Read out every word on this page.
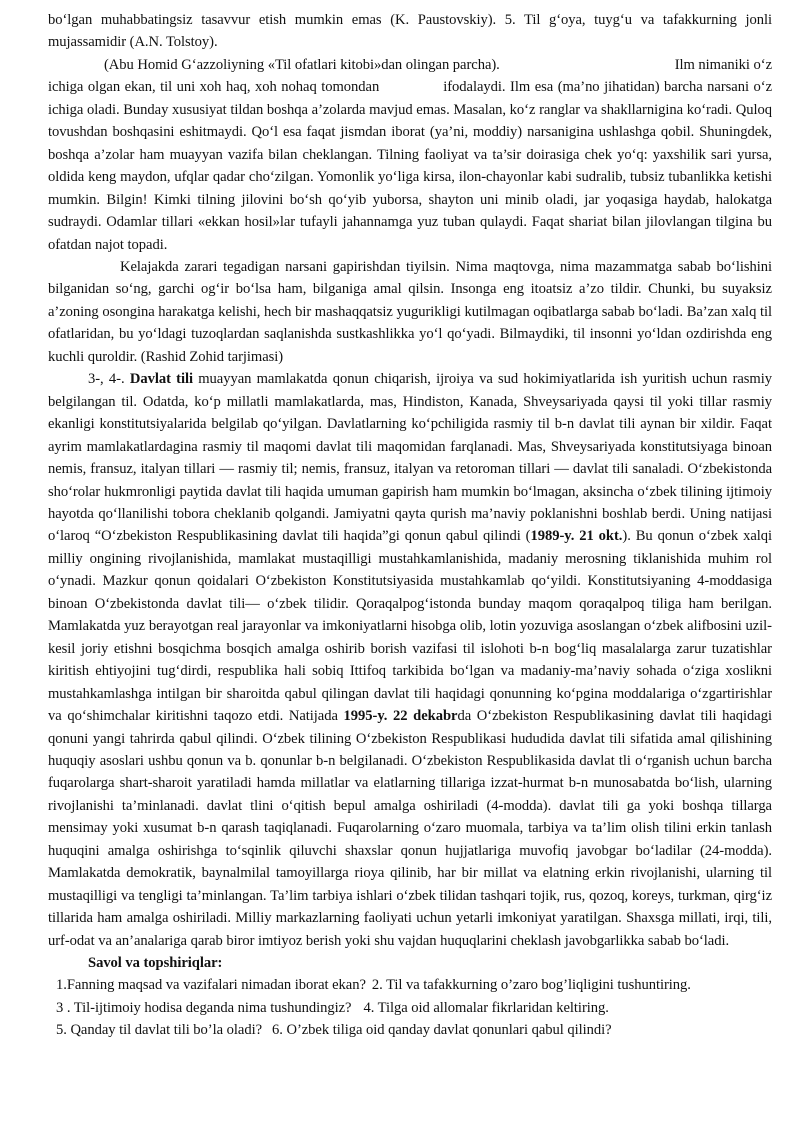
bo‘lgan muhabbatingsiz tasavvur etish mumkin emas (K. Paustovskiy). 5. Til g‘oya, tuyg‘u va tafakkurning jonli mujassamidir (A.N. Tolstoy).

(Abu Homid G‘azzoliyning «Til ofatlari kitobi»dan olingan parcha).	Ilm nimaniki o‘z

ichiga olgan ekan, til uni xoh haq, xoh nohaq tomondan	ifodalaydi. Ilm esa (ma’no jihatidan) barcha narsani o‘z ichiga oladi. Bunday xususiyat tildan boshqa a’zolarda mavjud emas. Masalan, ko‘z ranglar va shakllarnigina ko‘radi. Quloq tovushdan boshqasini eshitmaydi. Qo‘l esa faqat jismdan iborat (ya’ni, moddiy) narsanigina ushlashga qobil. Shuningdek, boshqa a’zolar ham muayyan vazifa bilan cheklangan. Tilning faoliyat va ta’sir doirasiga chek yo‘q: yaxshilik sari yursa, oldida keng maydon, ufqlar qadar cho‘zilgan. Yomonlik yo‘liga kirsa, ilon-chayonlar kabi sudralib, tubsiz tubanlikka ketishi mumkin. Bilgin! Kimki tilning jilovini bo‘sh qo‘yib yuborsa, shayton uni minib oladi, jar yoqasiga haydab, halokatga sudraydi. Odamlar tillari «ekkan hosil»lar tufayli jahannamga yuz tuban qulaydi. Faqat shariat bilan jilovlangan tilgina bu ofatdan najot topadi.

Kelajakda zarari tegadigan narsani gapirishdan tiyilsin. Nima maqtovga, nima mazammatga sabab bo‘lishini bilganidan so‘ng, garchi og‘ir bo‘lsa ham, bilganiga amal qilsin. Insonga eng itoatsiz a’zo tildir. Chunki, bu suyaksiz a’zoning osongina harakatga kelishi, hech bir mashaqqatsiz yugurikligi kutilmagan oqibatlarga sabab bo‘ladi. Ba’zan xalq til ofatlaridan, bu yo‘ldagi tuzoqlardan saqlanishda sustkashlikka yo‘l qo‘yadi. Bilmaydiki, til insonni yo‘ldan ozdirishda eng kuchli quroldir. (Rashid Zohid tarjimasi)

3-, 4-. Davlat tili muayyan mamlakatda qonun chiqarish, ijroiya va sud hokimiyatlarida ish yuritish uchun rasmiy belgilangan til. Odatda, ko‘p millatli mamlakatlarda, mas, Hindiston, Kanada, Shveysariyada qaysi til yoki tillar rasmiy ekanligi konstitutsiyalarida belgilab qo‘yilgan. Davlatlarning ko‘pchiligida rasmiy til b-n davlat tili aynan bir xildir. Faqat ayrim mamlakatlardagina rasmiy til maqomi davlat tili maqomidan farqlanadi. Mas, Shveysariyada konstitutsiyaga binoan nemis, fransuz, italyan tillari — rasmiy til; nemis, fransuz, italyan va retoroman tillari — davlat tili sanaladi. O‘zbekistonda sho‘rolar hukmronligi paytida davlat tili haqida umuman gapirish ham mumkin bo‘lmagan, aksincha o‘zbek tilining ijtimoiy hayotda qo‘llanilishi tobora cheklanib qolgandi. Jamiyatni qayta qurish ma’naviy poklanishni boshlab berdi. Uning natijasi o‘laroq “O‘zbekiston Respublikasining davlat tili haqida”gi qonun qabul qilindi (1989-y. 21 okt.). Bu qonun o‘zbek xalqi milliy ongining rivojlanishida, mamlakat mustaqilligi mustahkamlanishida, madaniy merosning tiklanishida muhim rol o‘ynadi. Mazkur qonun qoidalari O‘zbekiston Konstitutsiyasida mustahkamlab qo‘yildi. Konstitutsiyaning 4-moddasiga binoan O‘zbekistonda davlat tili— o‘zbek tilidir. Qoraqalpog‘istonda bunday maqom qoraqalpoq tiliga ham berilgan. Mamlakatda yuz berayotgan real jarayonlar va imkoniyatlarni hisobga olib, lotin yozuviga asoslangan o‘zbek alifbosini uzil-kesil joriy etishni bosqichma bosqich amalga oshirib borish vazifasi til islohoti b-n bog‘liq masalalarga zarur tuzatishlar kiritish ehtiyojini tug‘dirdi, respublika hali sobiq Ittifoq tarkibida bo‘lgan va madaniy-ma’naviy sohada o‘ziga xoslikni mustahkamlashga intilgan bir sharoitda qabul qilingan davlat tili haqidagi qonunning ko‘pgina moddalariga o‘zgartirishlar va qo‘shimchalar kiritishni taqozo etdi. Natijada 1995-y. 22 dekabrda O‘zbekiston Respublikasining davlat tili haqidagi qonuni yangi tahrirda qabul qilindi. O‘zbek tilining O‘zbekiston Respublikasi hududida davlat tili sifatida amal qilishining huquqiy asoslari ushbu qonun va b. qonunlar b-n belgilanadi. O‘zbekiston Respublikasida davlat tli o‘rganish uchun barcha fuqarolarga shart-sharoit yaratiladi hamda millatlar va elatlarning tillariga izzat-hurmat b-n munosabatda bo‘lish, ularning rivojlanishi ta’minlanadi. davlat tlini o‘qitish bepul amalga oshiriladi (4-modda). davlat tili ga yoki boshqa tillarga mensimay yoki xusumat b-n qarash taqiqlanadi. Fuqarolarning o‘zaro muomala, tarbiya va ta’lim olish tilini erkin tanlash huquqini amalga oshirishga to‘sqinlik qiluvchi shaxslar qonun hujjatlariga muvofiq javobgar bo‘ladilar (24-modda). Mamlakatda demokratik, baynalmilal tamoyillarga rioya qilinib, har bir millat va elatning erkin rivojlanishi, ularning til mustaqilligi va tengligi ta’minlangan. Ta’lim tarbiya ishlari o‘zbek tilidan tashqari tojik, rus, qozoq, koreys, turkman, qirg‘iz tillarida ham amalga oshiriladi. Milliy markazlarning faoliyati uchun yetarli imkoniyat yaratilgan. Shaxsga millati, irqi, tili, urf-odat va an’analariga qarab biror imtiyoz berish yoki shu vajdan huquqlarini cheklash javobgarlikka sabab bo‘ladi.

Savol va topshiriqlar:

1.Fanning maqsad va vazifalari nimadan iborat ekan? 2. Til va tafakkurning o’zaro bog’liqligini tushuntiring.

3 . Til-ijtimoiy hodisa deganda nima tushundingiz? 4. Tilga oid allomalar fikrlaridan keltiring.

5. Qanday til davlat tili bo’la oladi? 6. O’zbek tiliga oid qanday davlat qonunlari qabul qilindi?
